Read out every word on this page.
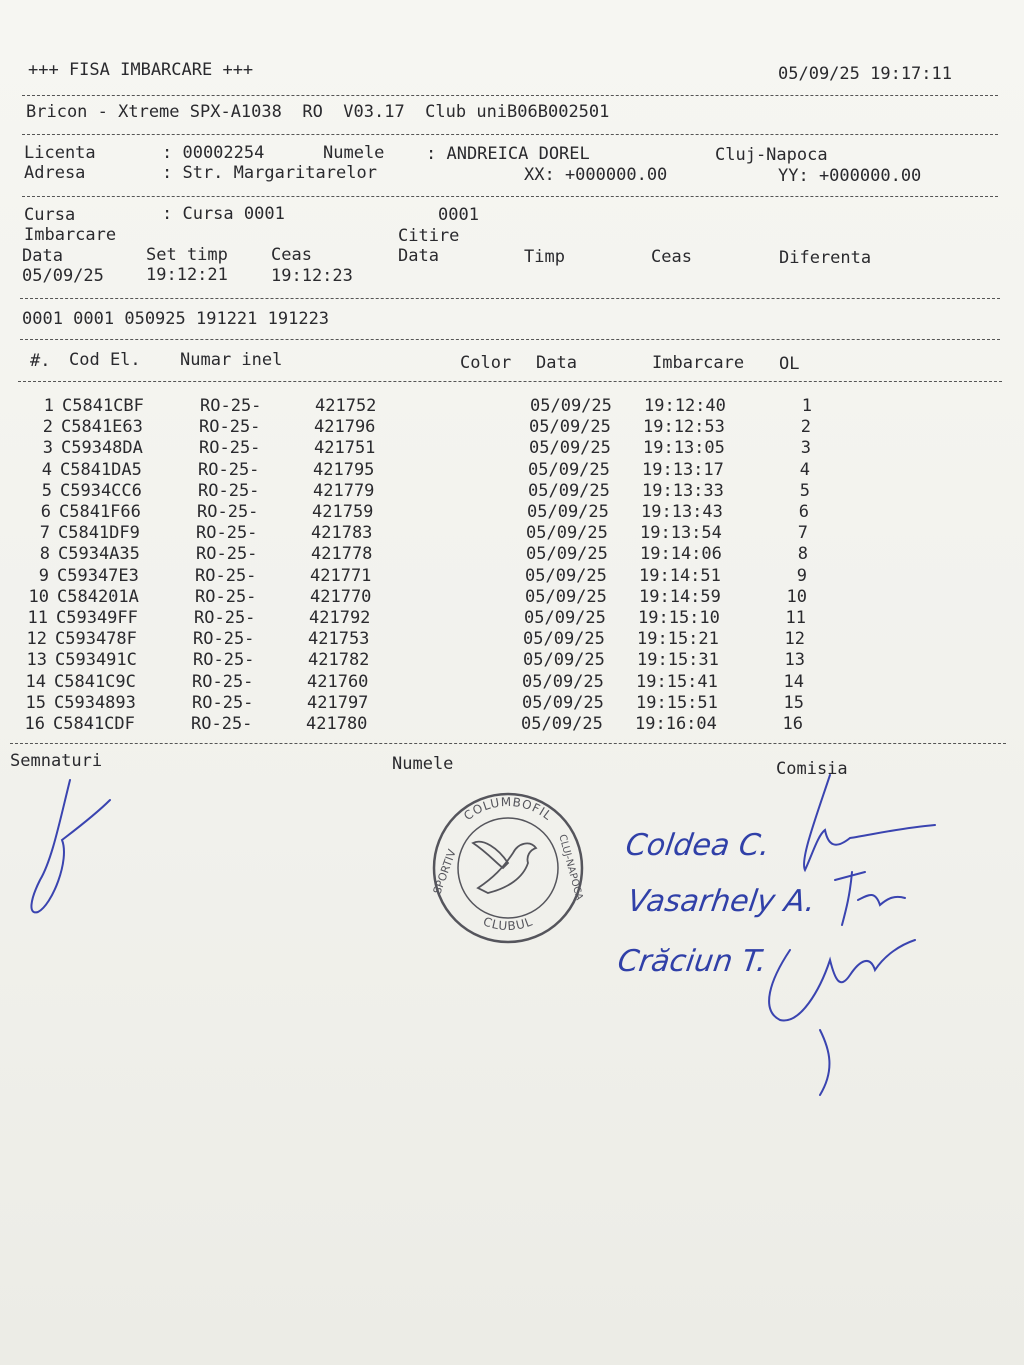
+++ FISA IMBARCARE +++	05/09/25 19:17:11
Bricon - Xtreme SPX-A1038  RO  V03.17  Club uniB06B002501
Licenta	: 00002254	Numele : ANDREICA DOREL	Cluj-Napoca
Adresa	: Str. Margaritarelor	XX: +000000.00	YY: +000000.00
Cursa	: Cursa 0001	0001
Imbarcare	Citire
Data	Set timp	Ceas	Data	Timp	Ceas	Diferenta
05/09/25 19:12:21	19:12:23
0001 0001 050925 191221 191223
#. Cod El. Numar inel	Color Data	Imbarcare OL
1 C5841CBF	RO-25-	421752	05/09/25 19:12:40	1
2 C5841E63	RO-25-	421796	05/09/25 19:12:53	2
3 C59348DA	RO-25-	421751	05/09/25 19:13:05	3
4 C5841DA5	RO-25-	421795	05/09/25 19:13:17	4
5 C5934CC6	RO-25-	421779	05/09/25 19:13:33	5
6 C5841F66	RO-25-	421759	05/09/25 19:13:43	6
7 C5841DF9	RO-25-	421783	05/09/25 19:13:54	7
8 C5934A35	RO-25-	421778	05/09/25 19:14:06	8
9 C59347E3	RO-25-	421771	05/09/25 19:14:51	9
10 C584201A	RO-25-	421770	05/09/25 19:14:59	10
11 C59349FF	RO-25-	421792	05/09/25 19:15:10	11
12 C593478F	RO-25-	421753	05/09/25 19:15:21	12
13 C593491C	RO-25-	421782	05/09/25 19:15:31	13
14 C5841C9C	RO-25-	421760	05/09/25 19:15:41	14
15 C5934893	RO-25-	421797	05/09/25 19:15:51	15
16 C5841CDF	RO-25-	421780	05/09/25 19:16:04	16
Semnaturi	Numele	Comisia
Coldea C.
Vasarhely A.
Crăciun T.
COLUMBOFIL
CLUBUL
SPORTIV	CLUJ-NAPOCA
